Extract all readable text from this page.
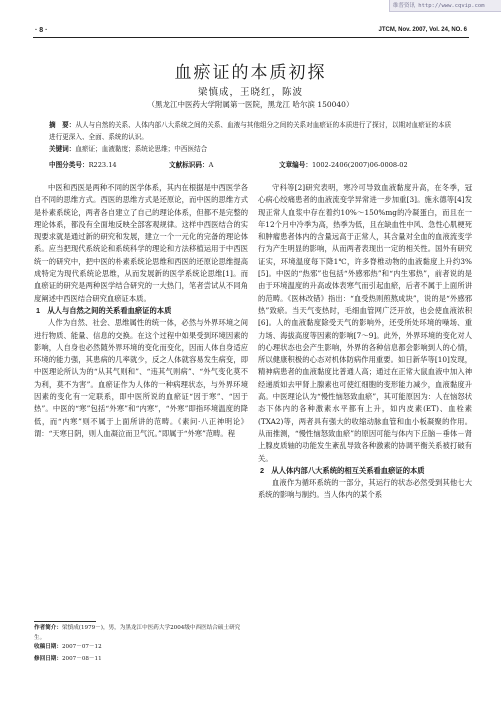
维普资讯 http://www.cqvip.com
· 8 ·	JTCM, Nov. 2007, Vol. 24, NO. 6
血瘀证的本质初探
梁慎成，王晓红，陈波
（黑龙江中医药大学附属第一医院，黑龙江 哈尔滨 150040）
摘　要：从人与自然的关系、人体内部八大系统之间的关系、血液与其他组分之间的关系对血瘀证的本质进行了探讨，以期对血瘀证的本质进行更深入、全面、系统的认识。
关键词：血瘀证；血液黏度；系统论思维；中西医结合
中图分类号：R223.14	文献标识码：A	文章编号：1002-2406(2007)06-0008-02
中医和西医是两种不同的医学体系，其内在根据是中西医学各自不同的思维方式。西医的思维方式是还原论，而中医的思维方式是朴素系统论，两者各自建立了自己的理论体系，但都不是完整的理论体系，都没有全面地反映全部客观规律。这样中西医结合的实现要求就是通过新的研究和发展，建立一个一元化的完备的理论体系。应当把现代系统论和系统科学的理论和方法移植运用于中西医统一的研究中，把中医的朴素系统论思维和西医的还原论思维提高成特定为现代系统论思维，从而发展新的医学系统论思维[1]。而血瘀证的研究是两种医学结合研究的一大热门，笔者尝试从不同角度阐述中西医结合研究血瘀证本质。
1　从人与自然之间的关系看血瘀证的本质
人作为自然、社会、思维属性的统一体，必然与外界环境之间进行物质、能量、信息的交换。在这个过程中如果受到环境因素的影响，人自身也必然随外界环境的变化而变化，因而人体自身适应环境的能力强，其患病的几率就少，反之人体就容易发生病变，即中医理论所认为的“从其气则和”、“违其气则病”、“外气变化莫不为利，莫不为害”。血瘀证作为人体的一种病理状态，与外界环境因素的变化有一定联系，即中医所说的血瘀证“因于寒”、“因于热”。中医的“寒”包括“外寒”和“内寒”，“外寒”即指环境温度的降低，而“内寒”则不属于上面所讲的范畴。《素问·八正神明论》谓：“天寒日阴，则人血凝泣而卫气沉。”即属于“外寒”范畴。程
守科等[2]研究表明，寒冷可导致血液黏度升高，在冬季，冠心病心绞痛患者的血液流变学异常进一步加重[3]。施永德等[4]发现正常人血浆中存在着约10%～150%mg的冷凝蛋白，而且在一年12个月中冷季为高，热季为低，且在缺血性中风、急性心肌梗死和肿瘤患者体内的含量远高于正常人，其含量对全血的血液流变学行为产生明显的影响，从而两者表现出一定的相关性。国外有研究证实，环境温度每下降1℃，许多脊椎动物的血液黏度上升约3%[5]。中医的“热邪”也包括“外感邪热”和“内生邪热”，前者说的是由于环境温度的升高或体表寒气而引起血瘀，后者不属于上面所讲的范畴。《医林改错》指出：“血受热则煎熬成块”，说的是“外感邪热”致瘀。当天气变热时，毛细血管网广泛开放，也会使血液浓积[6]。人的血液黏度除受天气的影响外，还受所处环境的噪场、重力场、海拔高度等因素的影响[7～9]。此外，外界环境的变化对人的心理状态也会产生影响，外界的各种信息都会影响到人的心情，所以健康积极的心态对机体防病作用重要。如日新华等[10]发现，精神病患者的血液黏度比普通人高；通过在正常大鼠血液中加入神经递质如去甲肾上腺素也可使红细胞的变形能力减少，血液黏度升高。中医理论认为“慢性恼怒致血瘀”，其可能原因为：人在恼怒状态下体内的各种激素水平都有上升，如内皮素(ET)、血栓素(TXA2)等，两者具有强大的收缩动脉血管和血小板凝聚的作用。从而推测，“慢性恼怒致血瘀”的原因可能与体内下丘脑－垂体－肾上腺皮质轴的功能发生紊乱导致各种激素的协调平衡关系被打破有关。
2　从人体内部八大系统的相互关系看血瘀证的本质
血液作为循环系统的一部分，其运行的状态必然受到其他七大系统的影响与制约。当人体内的某个系
作者简介：梁慎成(1979－)，男，为黑龙江中医药大学2004级中西医结合硕士研究生。
收稿日期：2007－07－12
修回日期：2007－08－11
